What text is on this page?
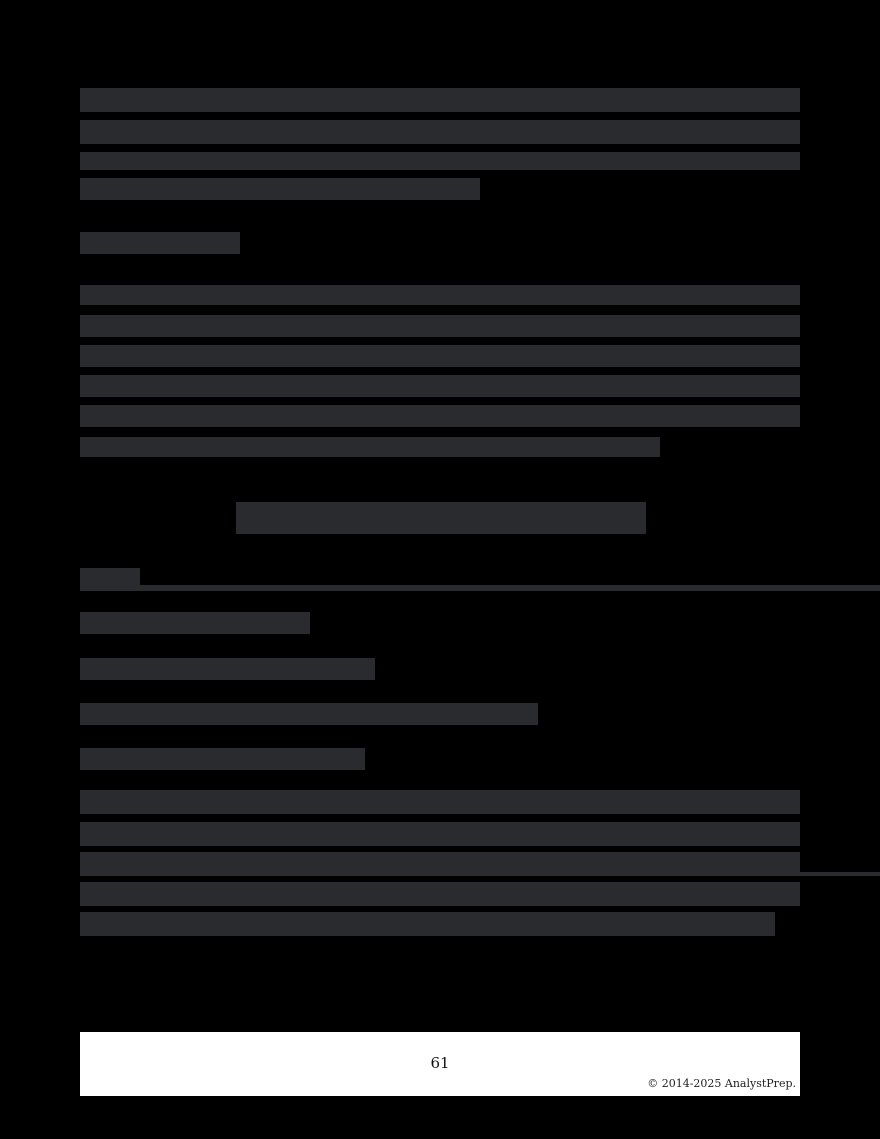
61
© 2014-2025 AnalystPrep.
